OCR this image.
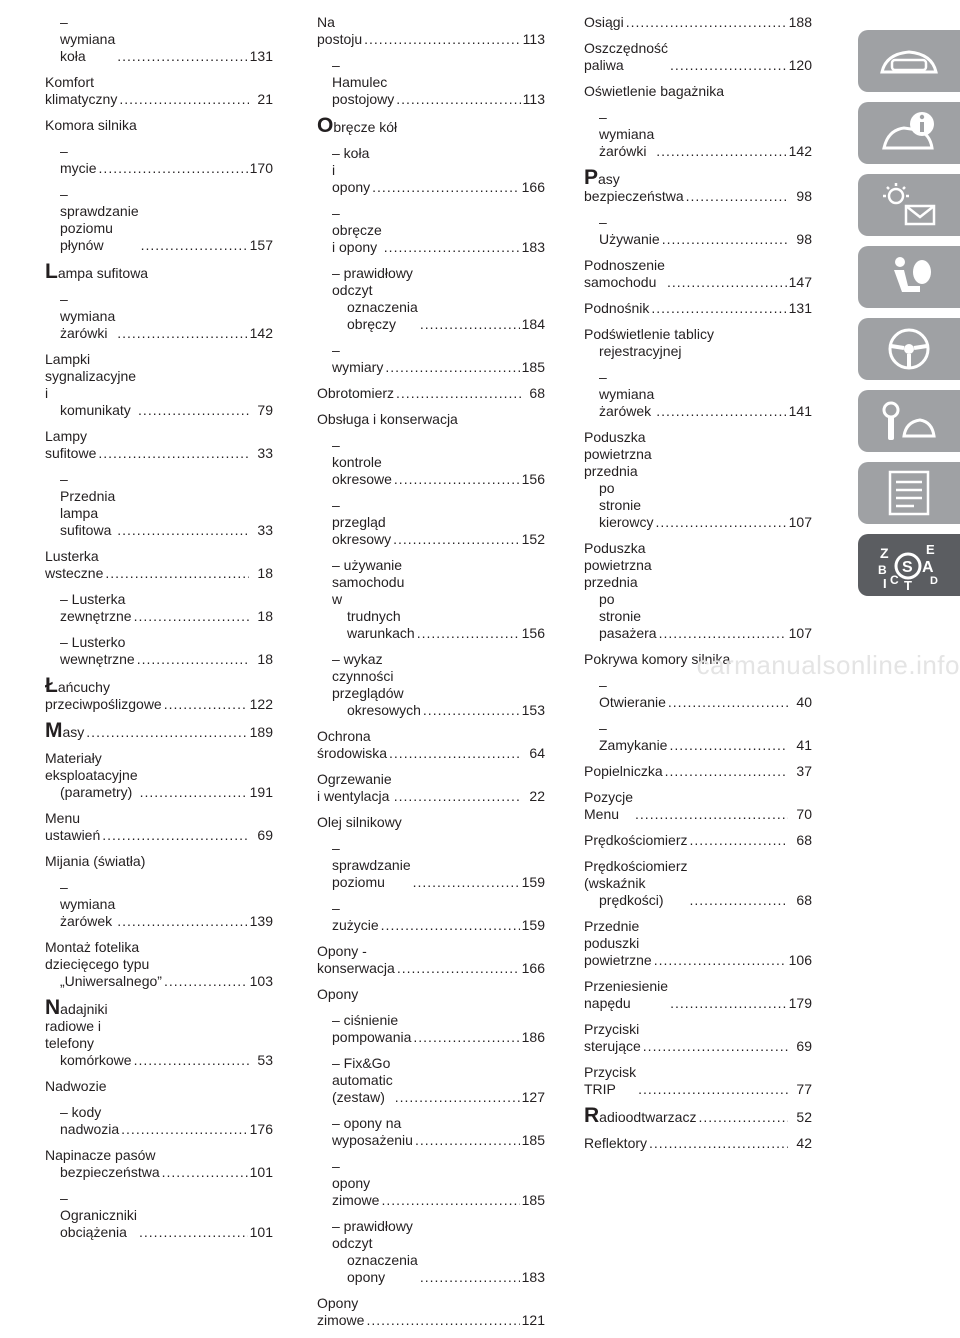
– wymiana koła .....	131
Komfort klimatyczny .....	21
Komora silnika
– mycie .....	170
– sprawdzanie poziomu płynów .....	157
Lampa sufitowa
– wymiana żarówki .....	142
Lampki sygnalizacyjne i
komunikaty .....	79
Lampy sufitowe .....	33
– Przednia lampa sufitowa .....	33
Lusterka wsteczne .....	18
– Lusterka zewnętrzne .....	18
– Lusterko wewnętrzne .....	18
Łańcuchy przeciwpoślizgowe .....	122
Masy .....	189
Materiały eksploatacyjne
(parametry) .....	191
Menu ustawień .....	69
Mijania (światła)
– wymiana żarówek .....	139
Montaż fotelika dziecięcego typu
„Uniwersalnego” .....	103
Nadajniki radiowe i telefony
komórkowe .....	53
Nadwozie
– kody nadwozia .....	176
Napinacze pasów
bezpieczeństwa .....	101
– Ograniczniki obciążenia .....	101
Na postoju .....	113
– Hamulec postojowy .....	113
Obręcze kół
– koła i opony .....	166
– obręcze i opony .....	183
– prawidłowy odczyt
oznaczenia obręczy .....	184
– wymiary .....	185
Obrotomierz .....	68
Obsługa i konserwacja
– kontrole okresowe .....	156
– przegląd okresowy .....	152
– używanie samochodu w
trudnych warunkach .....	156
– wykaz czynności przeglądów
okresowych .....	153
Ochrona środowiska .....	64
Ogrzewanie i wentylacja .....	22
Olej silnikowy
– sprawdzanie poziomu .....	159
– zużycie .....	159
Opony - konserwacja .....	166
Opony
– ciśnienie pompowania .....	186
– Fix&Go automatic (zestaw) .....	127
– opony na wyposażeniu .....	185
– opony zimowe .....	185
– prawidłowy odczyt
oznaczenia opony .....	183
Opony zimowe .....	121
Osiągi .....	188
Oszczędność paliwa .....	120
Oświetlenie bagażnika
– wymiana żarówki .....	142
Pasy bezpieczeństwa .....	98
– Używanie .....	98
Podnoszenie samochodu .....	147
Podnośnik .....	131
Podświetlenie tablicy
rejestracyjnej
– wymiana żarówek .....	141
Poduszka powietrzna przednia
po stronie kierowcy .....	107
Poduszka powietrzna przednia
po stronie pasażera .....	107
Pokrywa komory silnika
– Otwieranie .....	40
– Zamykanie .....	41
Popielniczka .....	37
Pozycje Menu .....	70
Prędkościomierz .....	68
Prędkościomierz (wskaźnik
prędkości) .....	68
Przednie poduszki powietrzne .....	106
Przeniesienie napędu .....	179
Przyciski sterujące .....	69
Przycisk TRIP .....	77
Radioodtwarzacz .....	52
Reflektory .....	42
S
Z	E
B A
C	D
I T
carmanualsonline.info
